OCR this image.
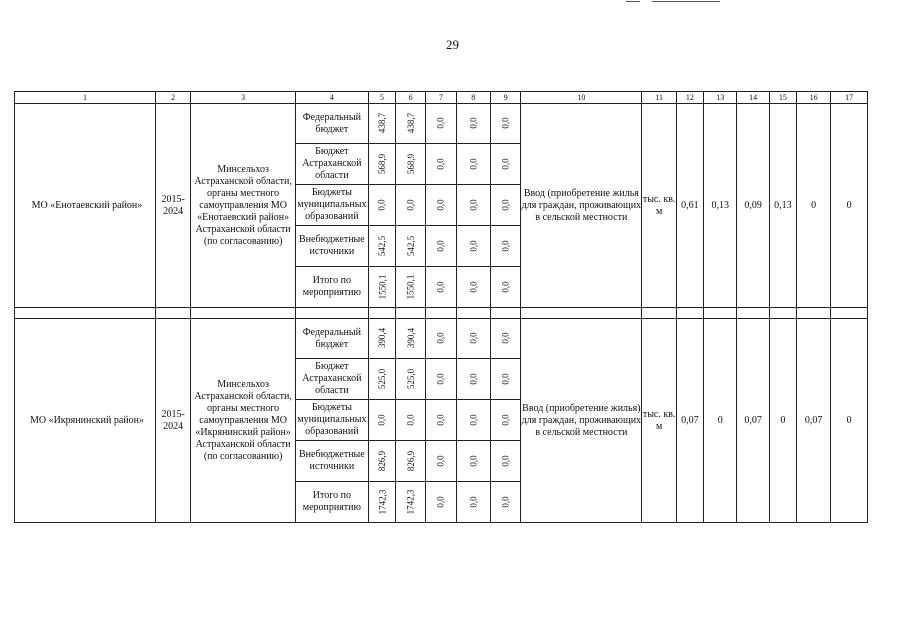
29
1	2	3	4	5	6	7	8	9	10	11	12	13	14	15	16	17
МО «Енотаевский район»	2015-2024	Минсельхоз Астраханской области, органы местного самоуправления МО «Енотаевский район» Астраханской области (по согласованию)	Федеральный бюджет	438,7	438,7	0,0	0,0	0,0	Ввод (приобретение жилья для граждан, проживающих в сельской местности	тыс. кв. м	0,61	0,13	0,09	0,13	0	0
			Бюджет Астраханской области	568,9	568,9	0,0	0,0	0,0								
			Бюджеты муниципальных образований	0,0	0,0	0,0	0,0	0,0								
			Внебюджетные источники	542,5	542,5	0,0	0,0	0,0								
			Итого по мероприятию	1550,1	1550,1	0,0	0,0	0,0								

МО «Икрянинский район»	2015-2024	Минсельхоз Астраханской области, органы местного самоуправления МО «Икрянинский район» Астраханской области (по согласованию)	Федеральный бюджет	390,4	390,4	0,0	0,0	0,0	Ввод (приобретение жилья) для граждан, проживающих в сельской местности	тыс. кв. м	0,07	0	0,07	0	0,07	0
			Бюджет Астраханской области	525,0	525,0	0,0	0,0	0,0								
			Бюджеты муниципальных образований	0,0	0,0	0,0	0,0	0,0								
			Внебюджетные источники	826,9	826,9	0,0	0,0	0,0								
			Итого по мероприятию	1742,3	1742,3	0,0	0,0	0,0								
